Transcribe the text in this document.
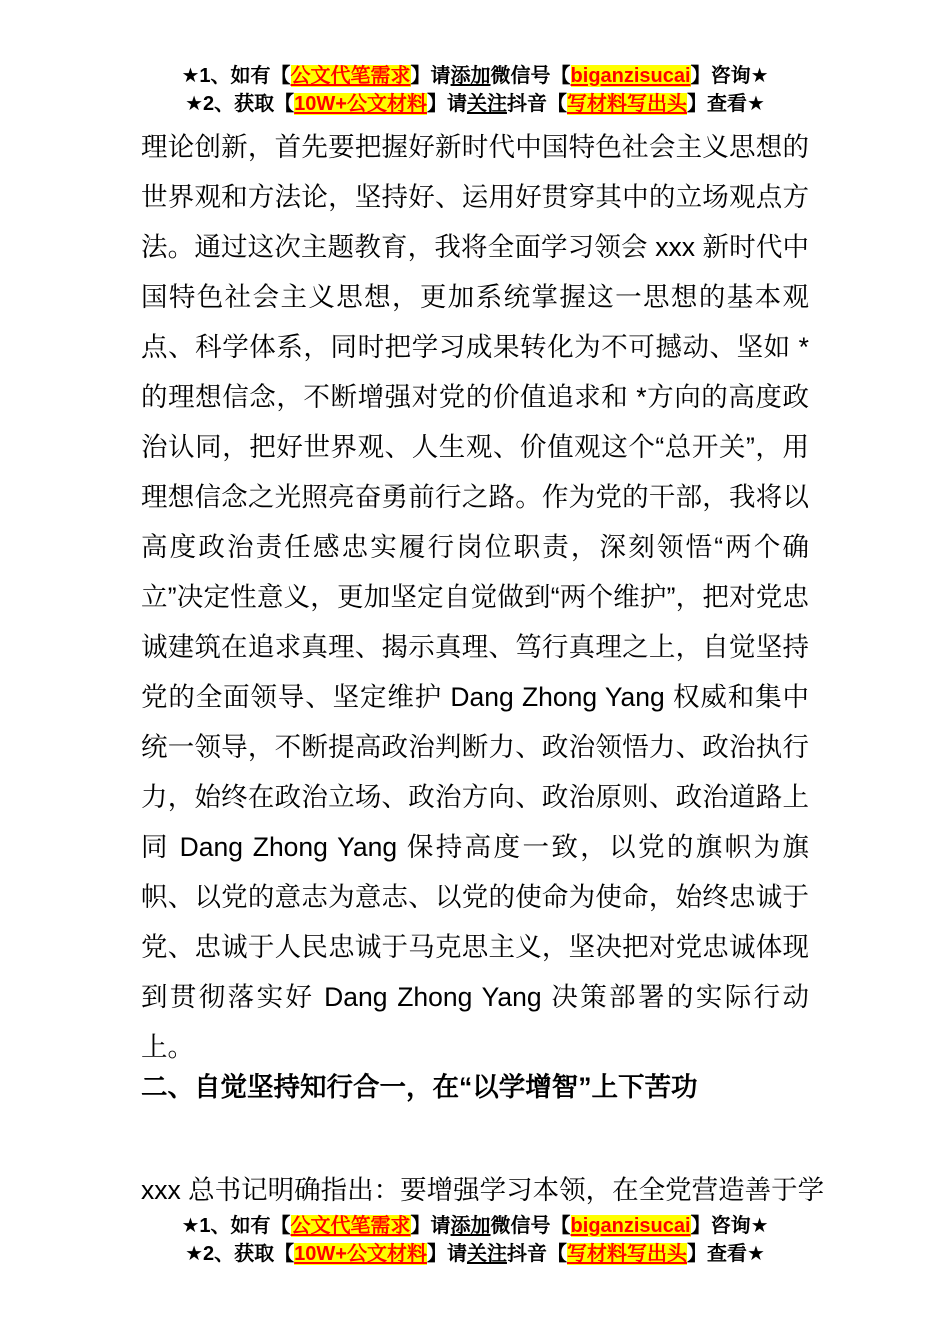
★1、如有【公文代笔需求】请添加微信号【biganzisucai】咨询★
★2、获取【10W+公文材料】请关注抖音【写材料写出头】查看★

理论创新，首先要把握好新时代中国特色社会主义思想的世界观和方法论，坚持好、运用好贯穿其中的立场观点方法。通过这次主题教育，我将全面学习领会 xxx 新时代中国特色社会主义思想，更加系统掌握这一思想的基本观点、科学体系，同时把学习成果转化为不可撼动、坚如 *的理想信念，不断增强对党的价值追求和 *方向的高度政治认同，把好世界观、人生观、价值观这个“总开关”，用理想信念之光照亮奋勇前行之路。作为党的干部，我将以高度政治责任感忠实履行岗位职责，深刻领悟“两个确立”决定性意义，更加坚定自觉做到“两个维护”，把对党忠诚建筑在追求真理、揭示真理、笃行真理之上，自觉坚持党的全面领导、坚定维护 Dang Zhong Yang 权威和集中统一领导，不断提高政治判断力、政治领悟力、政治执行力，始终在政治立场、政治方向、政治原则、政治道路上同 Dang Zhong Yang 保持高度一致，以党的旗帜为旗帜、以党的意志为意志、以党的使命为使命，始终忠诚于党、忠诚于人民忠诚于马克思主义，坚决把对党忠诚体现到贯彻落实好 Dang Zhong Yang 决策部署的实际行动上。

二、自觉坚持知行合一，在“以学增智”上下苦功

xxx 总书记明确指出：要增强学习本领，在全党营造善于学

★1、如有【公文代笔需求】请添加微信号【biganzisucai】咨询★
★2、获取【10W+公文材料】请关注抖音【写材料写出头】查看★
